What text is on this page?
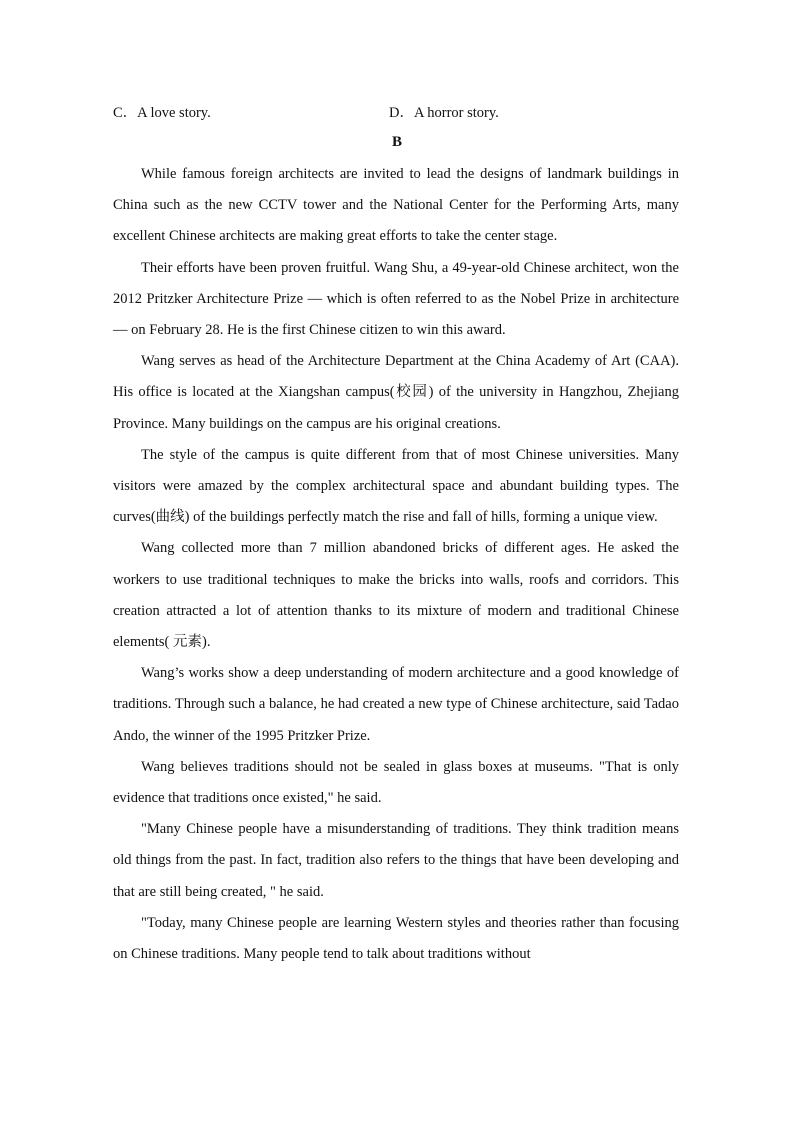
C．A love story.	D．A horror story.
B

While famous foreign architects are invited to lead the designs of landmark buildings in China such as the new CCTV tower and the National Center for the Performing Arts, many excellent Chinese architects are making great efforts to take the center stage.

Their efforts have been proven fruitful. Wang Shu, a 49-year-old Chinese architect, won the 2012 Pritzker Architecture Prize — which is often referred to as the Nobel Prize in architecture — on February 28. He is the first Chinese citizen to win this award.

Wang serves as head of the Architecture Department at the China Academy of Art (CAA). His office is located at the Xiangshan campus(校园) of the university in Hangzhou, Zhejiang Province. Many buildings on the campus are his original creations.

The style of the campus is quite different from that of most Chinese universities. Many visitors were amazed by the complex architectural space and abundant building types. The curves(曲线) of the buildings perfectly match the rise and fall of hills, forming a unique view.

Wang collected more than 7 million abandoned bricks of different ages. He asked the workers to use traditional techniques to make the bricks into walls, roofs and corridors. This creation attracted a lot of attention thanks to its mixture of modern and traditional Chinese elements( 元素).

Wang’s works show a deep understanding of modern architecture and a good knowledge of traditions. Through such a balance, he had created a new type of Chinese architecture, said Tadao Ando, the winner of the 1995 Pritzker Prize.

Wang believes traditions should not be sealed in glass boxes at museums. "That is only evidence that traditions once existed," he said.

"Many Chinese people have a misunderstanding of traditions. They think tradition means old things from the past. In fact, tradition also refers to the things that have been developing and that are still being created, " he said.

"Today, many Chinese people are learning Western styles and theories rather than focusing on Chinese traditions. Many people tend to talk about traditions without
